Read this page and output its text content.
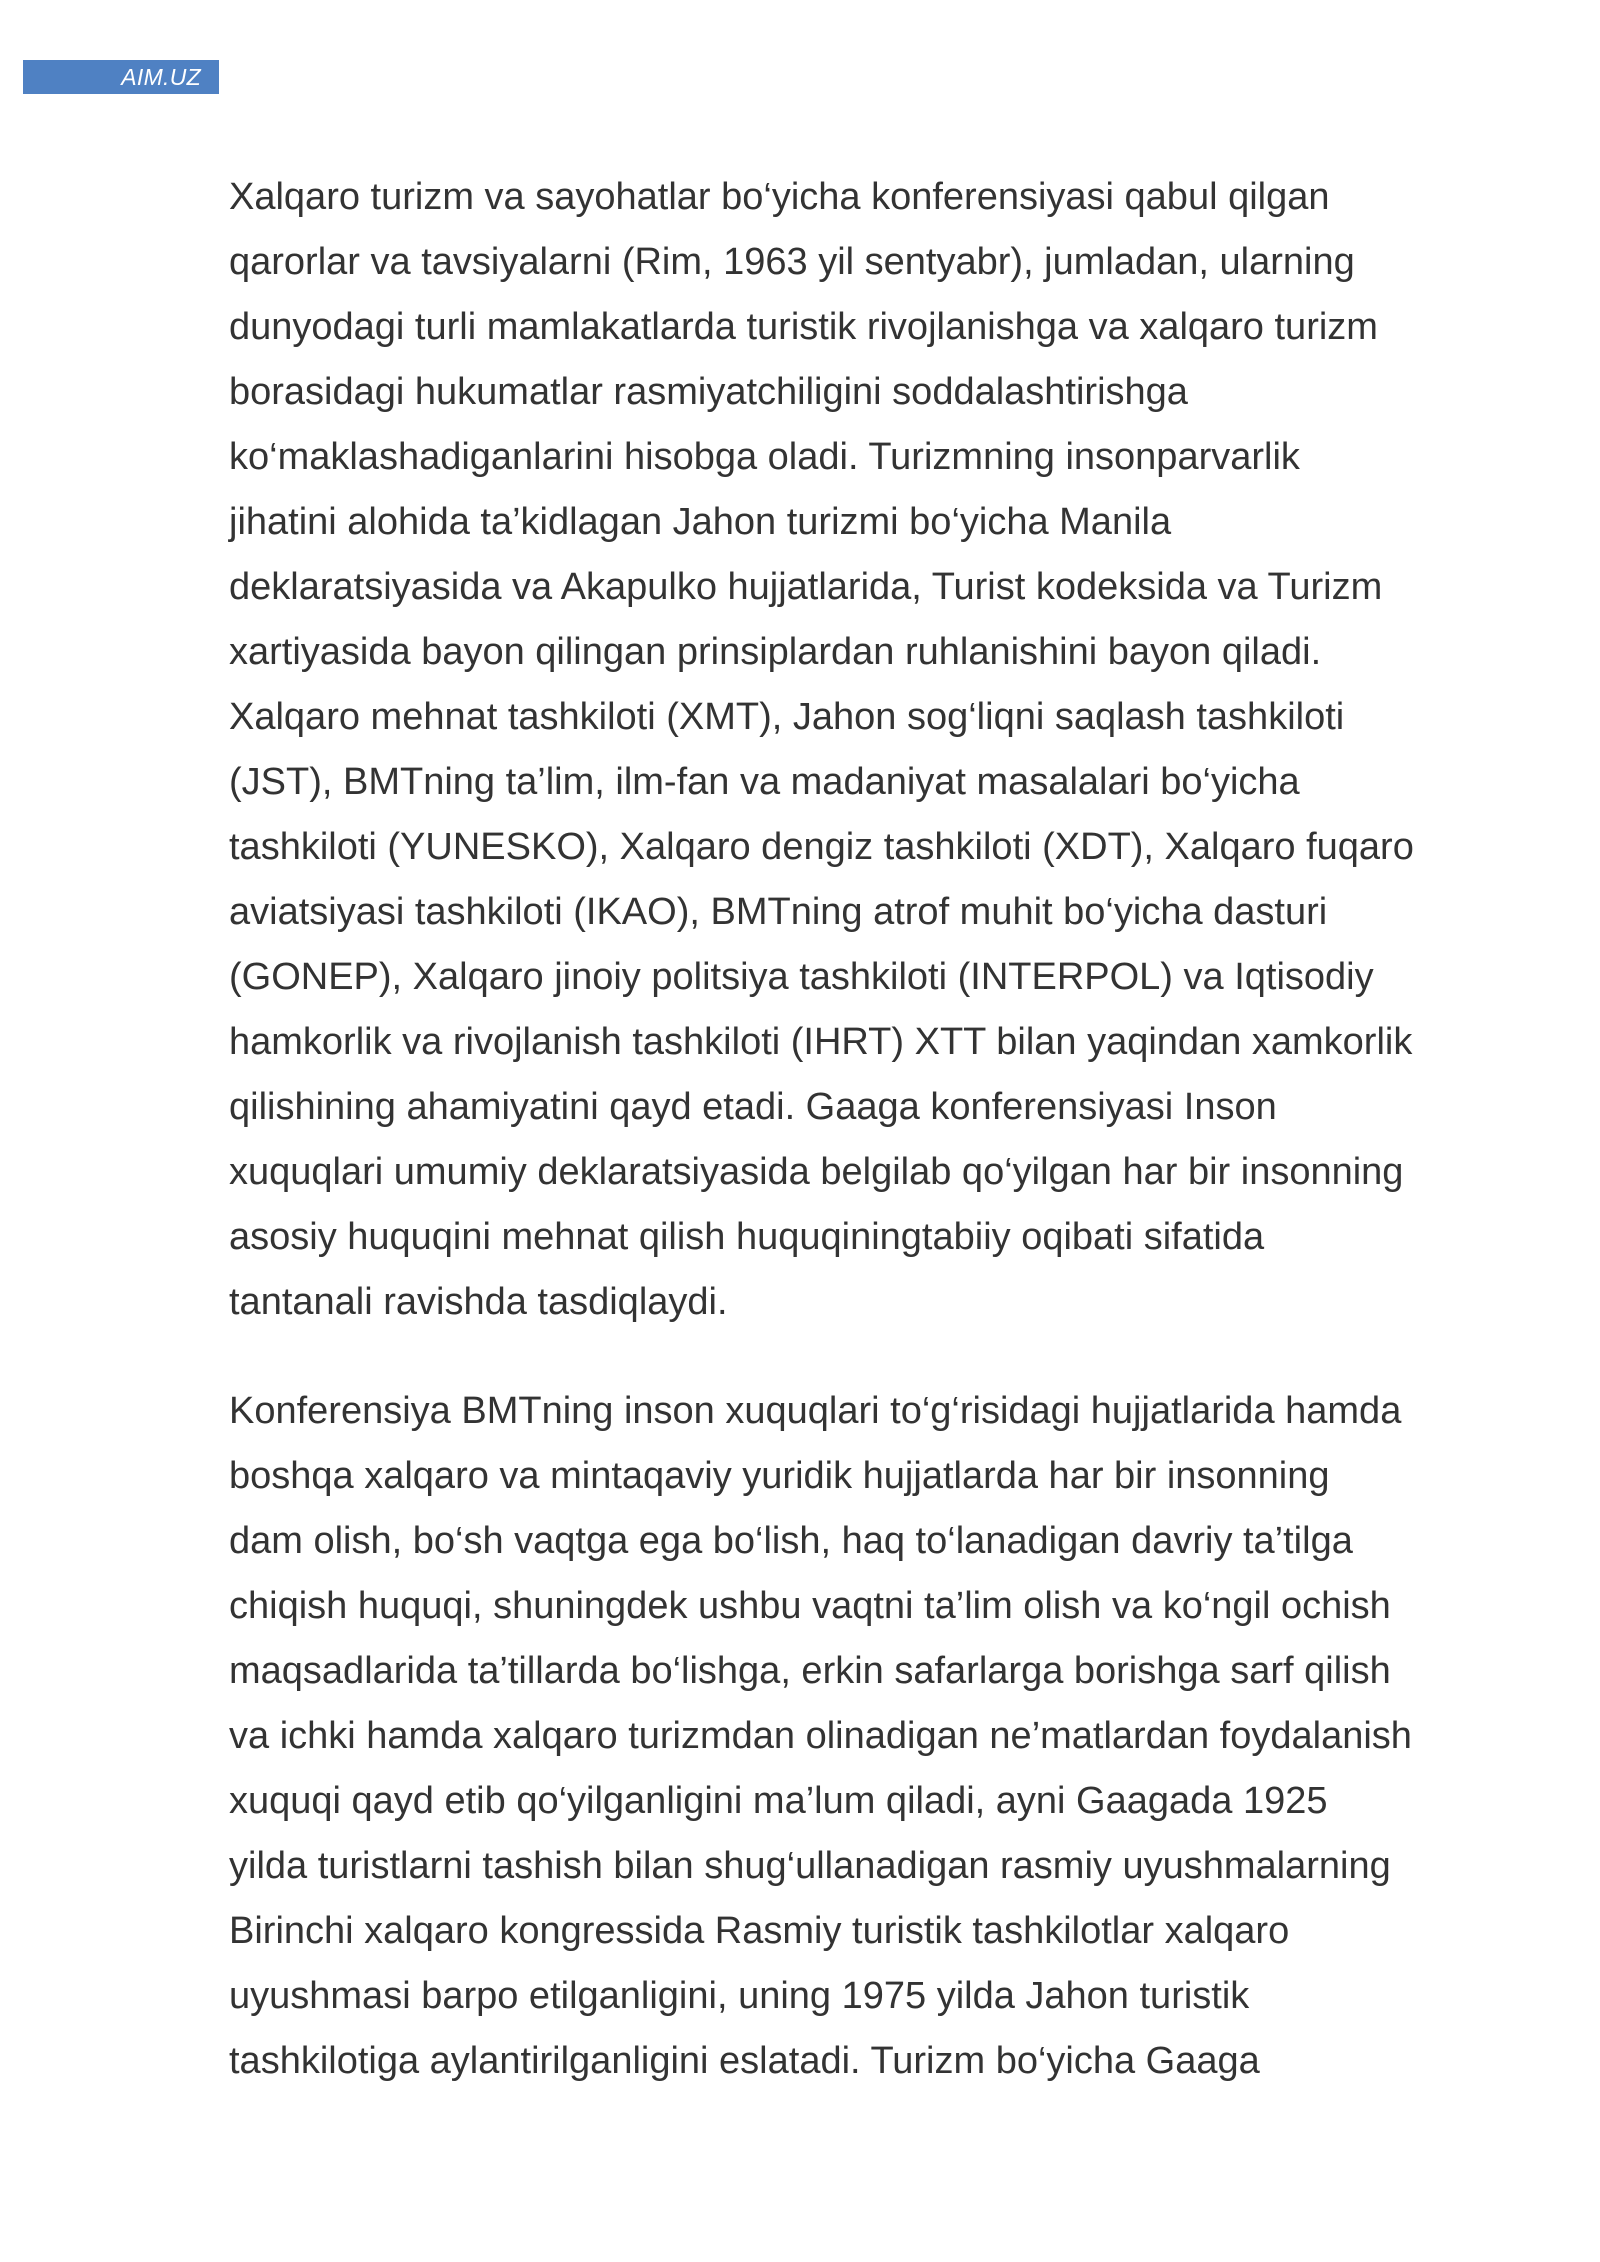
AIM.UZ

Xalqaro turizm va sayohatlar bo‘yicha konferensiyasi qabul qilgan
qarorlar va tavsiyalarni (Rim, 1963 yil sentyabr), jumladan, ularning
dunyodagi turli mamlakatlarda turistik rivojlanishga va xalqaro turizm
borasidagi hukumatlar rasmiyatchiligini soddalashtirishga
ko‘maklashadiganlarini hisobga oladi. Turizmning insonparvarlik
jihatini alohida ta’kidlagan Jahon turizmi bo‘yicha Manila
deklaratsiyasida va Akapulko hujjatlarida, Turist kodeksida va Turizm
xartiyasida bayon qilingan prinsiplardan ruhlanishini bayon qiladi.
Xalqaro mehnat tashkiloti (XMT), Jahon sog‘liqni saqlash tashkiloti
(JST), BMTning ta’lim, ilm-fan va madaniyat masalalari bo‘yicha
tashkiloti (YUNESKO), Xalqaro dengiz tashkiloti (XDT), Xalqaro fuqaro
aviatsiyasi tashkiloti (IKAO), BMTning atrof muhit bo‘yicha dasturi
(GONEP), Xalqaro jinoiy politsiya tashkiloti (INTERPOL) va Iqtisodiy
hamkorlik va rivojlanish tashkiloti (IHRT) XTT bilan yaqindan xamkorlik
qilishining ahamiyatini qayd etadi. Gaaga konferensiyasi Inson
xuquqlari umumiy deklaratsiyasida belgilab qo‘yilgan har bir insonning
asosiy huquqini mehnat qilish huquqiningtabiiy oqibati sifatida
tantanali ravishda tasdiqlaydi.

Konferensiya BMTning inson xuquqlari to‘g‘risidagi hujjatlarida hamda
boshqa xalqaro va mintaqaviy yuridik hujjatlarda har bir insonning
dam olish, bo‘sh vaqtga ega bo‘lish, haq to‘lanadigan davriy ta’tilga
chiqish huquqi, shuningdek ushbu vaqtni ta’lim olish va ko‘ngil ochish
maqsadlarida ta’tillarda bo‘lishga, erkin safarlarga borishga sarf qilish
va ichki hamda xalqaro turizmdan olinadigan ne’matlardan foydalanish
xuquqi qayd etib qo‘yilganligini ma’lum qiladi, ayni Gaagada 1925
yilda turistlarni tashish bilan shug‘ullanadigan rasmiy uyushmalarning
Birinchi xalqaro kongressida Rasmiy turistik tashkilotlar xalqaro
uyushmasi barpo etilganligini, uning 1975 yilda Jahon turistik
tashkilotiga aylantirilganligini eslatadi. Turizm bo‘yicha Gaaga
